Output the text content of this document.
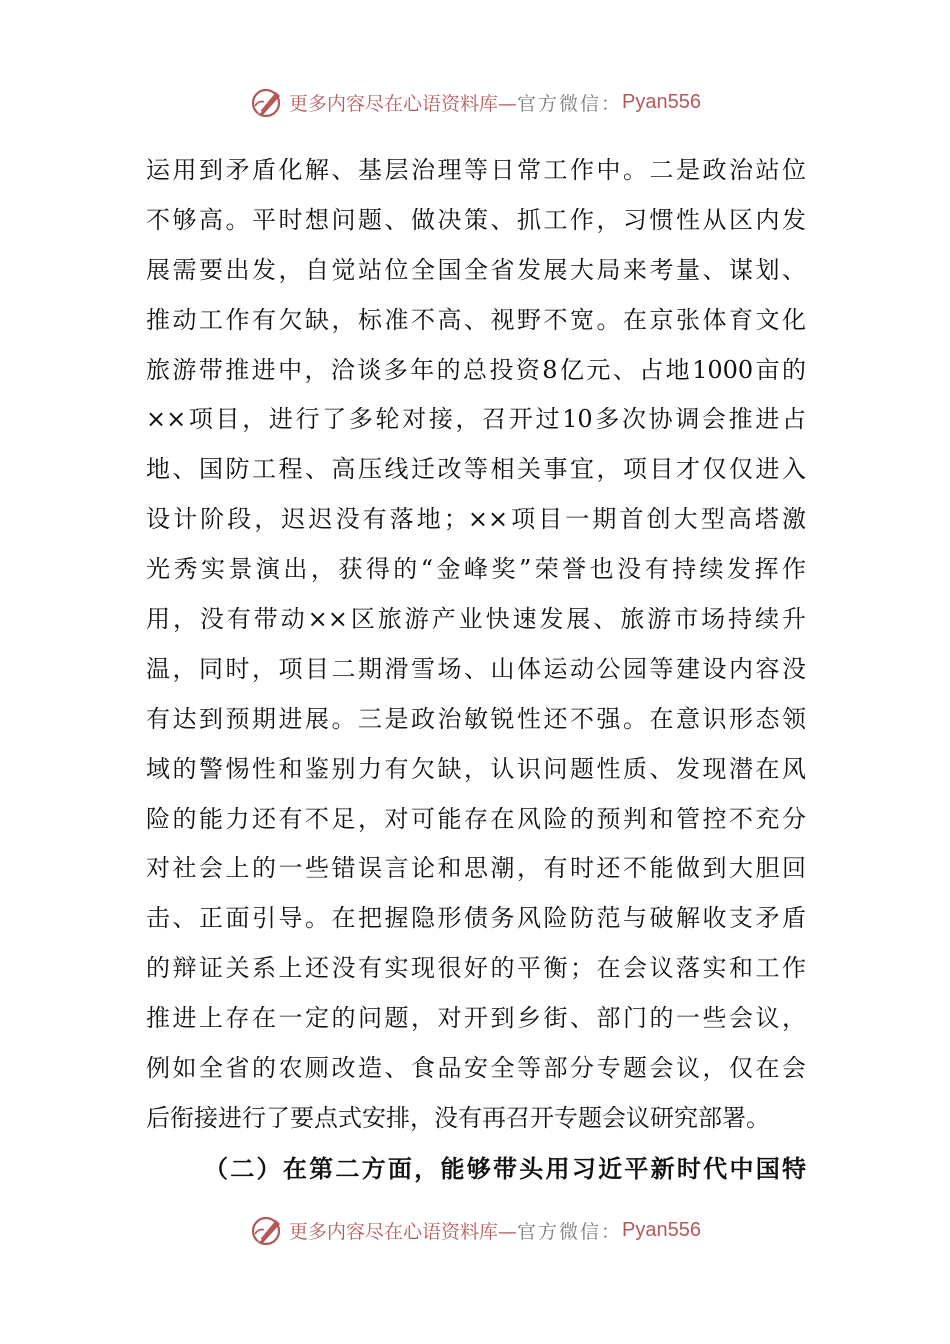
更多内容尽在心语资料库— 官方微信： Pyan556
运用到矛盾化解、基层治理等日常工作中。二是政治站位
不够高。平时想问题、做决策、抓工作，习惯性从区内发
展需要出发，自觉站位全国全省发展大局来考量、谋划、
推动工作有欠缺，标准不高、视野不宽。在京张体育文化
旅游带推进中，洽谈多年的总投资8亿元、占地1000亩的
××项目，进行了多轮对接，召开过10多次协调会推进占
地、国防工程、高压线迁改等相关事宜，项目才仅仅进入
设计阶段，迟迟没有落地；××项目一期首创大型高塔激
光秀实景演出，获得的“金峰奖”荣誉也没有持续发挥作
用，没有带动××区旅游产业快速发展、旅游市场持续升
温，同时，项目二期滑雪场、山体运动公园等建设内容没
有达到预期进展。三是政治敏锐性还不强。在意识形态领
域的警惕性和鉴别力有欠缺，认识问题性质、发现潜在风
险的能力还有不足，对可能存在风险的预判和管控不充分
对社会上的一些错误言论和思潮，有时还不能做到大胆回
击、正面引导。在把握隐形债务风险防范与破解收支矛盾
的辩证关系上还没有实现很好的平衡；在会议落实和工作
推进上存在一定的问题，对开到乡街、部门的一些会议，
例如全省的农厕改造、食品安全等部分专题会议，仅在会
后衔接进行了要点式安排，没有再召开专题会议研究部署。
（二）在第二方面，能够带头用习近平新时代中国特
更多内容尽在心语资料库— 官方微信： Pyan556
